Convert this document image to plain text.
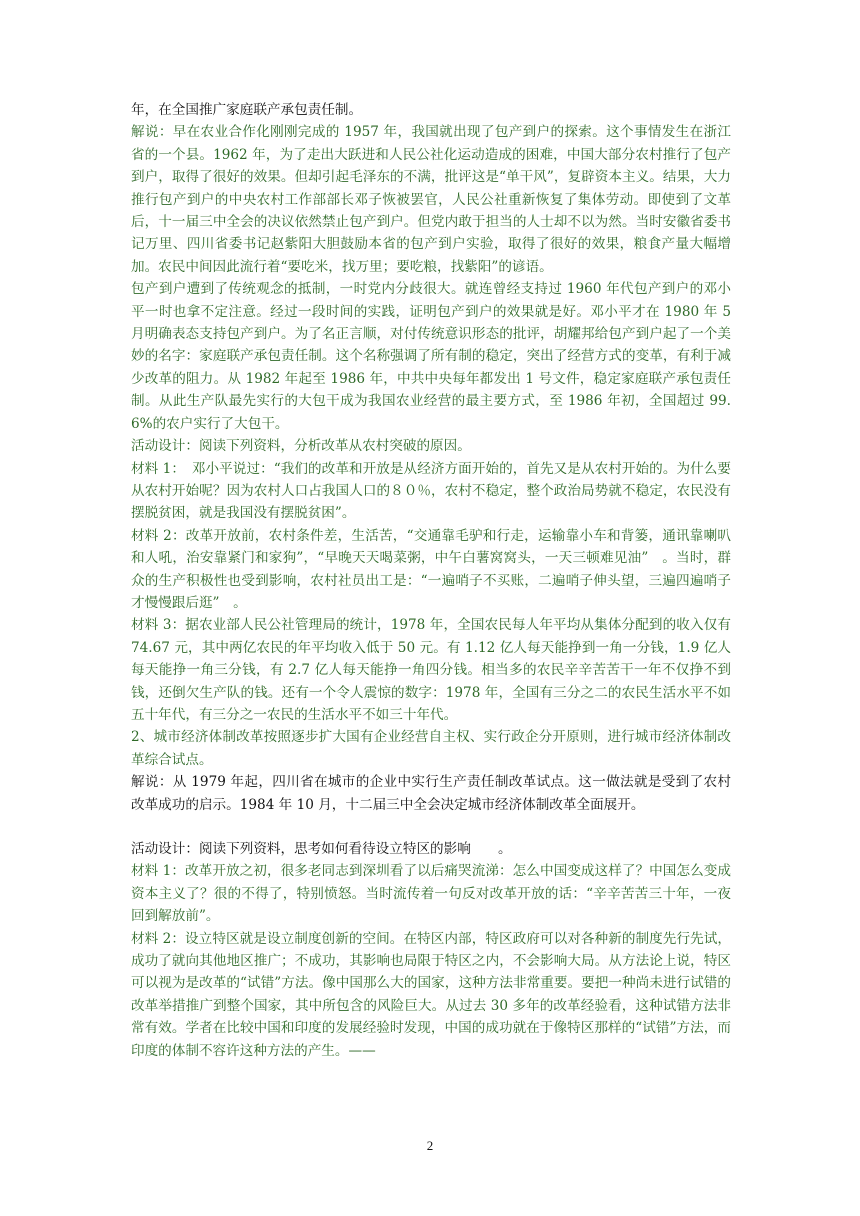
年，在全国推广家庭联产承包责任制。

解说：早在农业合作化刚刚完成的 1957 年，我国就出现了包产到户的探索。这个事情发生在浙江省的一个县。1962 年，为了走出大跃进和人民公社化运动造成的困难，中国大部分农村推行了包产到户，取得了很好的效果。但却引起毛泽东的不满，批评这是“单干风”，复辟资本主义。结果，大力推行包产到户的中央农村工作部部长邓子恢被罢官，人民公社重新恢复了集体劳动。即使到了文革后，十一届三中全会的决议依然禁止包产到户。但党内敢于担当的人士却不以为然。当时安徽省委书记万里、四川省委书记赵紫阳大胆鼓励本省的包产到户实验，取得了很好的效果，粮食产量大幅增加。农民中间因此流行着“要吃米，找万里；要吃粮，找紫阳”的谚语。

包产到户遭到了传统观念的抵制，一时党内分歧很大。就连曾经支持过 1960 年代包产到户的邓小平一时也拿不定注意。经过一段时间的实践，证明包产到户的效果就是好。邓小平才在 1980 年 5 月明确表态支持包产到户。为了名正言顺，对付传统意识形态的批评，胡耀邦给包产到户起了一个美妙的名字：家庭联产承包责任制。这个名称强调了所有制的稳定，突出了经营方式的变革，有利于减少改革的阻力。从 1982 年起至 1986 年，中共中央每年都发出 1 号文件，稳定家庭联产承包责任制。从此生产队最先实行的大包干成为我国农业经营的最主要方式，至 1986 年初，全国超过 99.6%的农户实行了大包干。

活动设计：阅读下列资料，分析改革从农村突破的原因。

材料 1：　邓小平说过：“我们的改革和开放是从经济方面开始的，首先又是从农村开始的。为什么要从农村开始呢？因为农村人口占我国人口的８０％，农村不稳定，整个政治局势就不稳定，农民没有摆脱贫困，就是我国没有摆脱贫困”。

材料 2：改革开放前，农村条件差，生活苦，“交通靠毛驴和行走，运输靠小车和背篓，通讯靠喇叭和人吼，治安靠紧门和家狗”，“早晚天天喝菜粥，中午白薯窝窝头，一天三顿难见油”　。当时，群众的生产积极性也受到影响，农村社员出工是：“一遍哨子不买账，二遍哨子伸头望，三遍四遍哨子才慢慢跟后逛”　。

材料 3：据农业部人民公社管理局的统计，1978 年，全国农民每人年平均从集体分配到的收入仅有 74.67 元，其中两亿农民的年平均收入低于 50 元。有 1.12 亿人每天能挣到一角一分钱，1.9 亿人每天能挣一角三分钱，有 2.7 亿人每天能挣一角四分钱。相当多的农民辛辛苦苦干一年不仅挣不到钱，还倒欠生产队的钱。还有一个令人震惊的数字：1978 年，全国有三分之二的农民生活水平不如五十年代，有三分之一农民的生活水平不如三十年代。

2、城市经济体制改革按照逐步扩大国有企业经营自主权、实行政企分开原则，进行城市经济体制改革综合试点。

解说：从 1979 年起，四川省在城市的企业中实行生产责任制改革试点。这一做法就是受到了农村改革成功的启示。1984 年 10 月，十二届三中全会决定城市经济体制改革全面展开。

活动设计：阅读下列资料，思考如何看待设立特区的影响　　。

材料 1：改革开放之初，很多老同志到深圳看了以后痛哭流涕：怎么中国变成这样了？中国怎么变成资本主义了？很的不得了，特别愤怒。当时流传着一句反对改革开放的话：“辛辛苦苦三十年，一夜回到解放前”。

材料 2：设立特区就是设立制度创新的空间。在特区内部，特区政府可以对各种新的制度先行先试，成功了就向其他地区推广；不成功，其影响也局限于特区之内，不会影响大局。从方法论上说，特区可以视为是改革的“试错”方法。像中国那么大的国家，这种方法非常重要。要把一种尚未进行试错的改革举措推广到整个国家，其中所包含的风险巨大。从过去 30 多年的改革经验看，这种试错方法非常有效。学者在比较中国和印度的发展经验时发现，中国的成功就在于像特区那样的“试错”方法，而印度的体制不容许这种方法的产生。——

2
